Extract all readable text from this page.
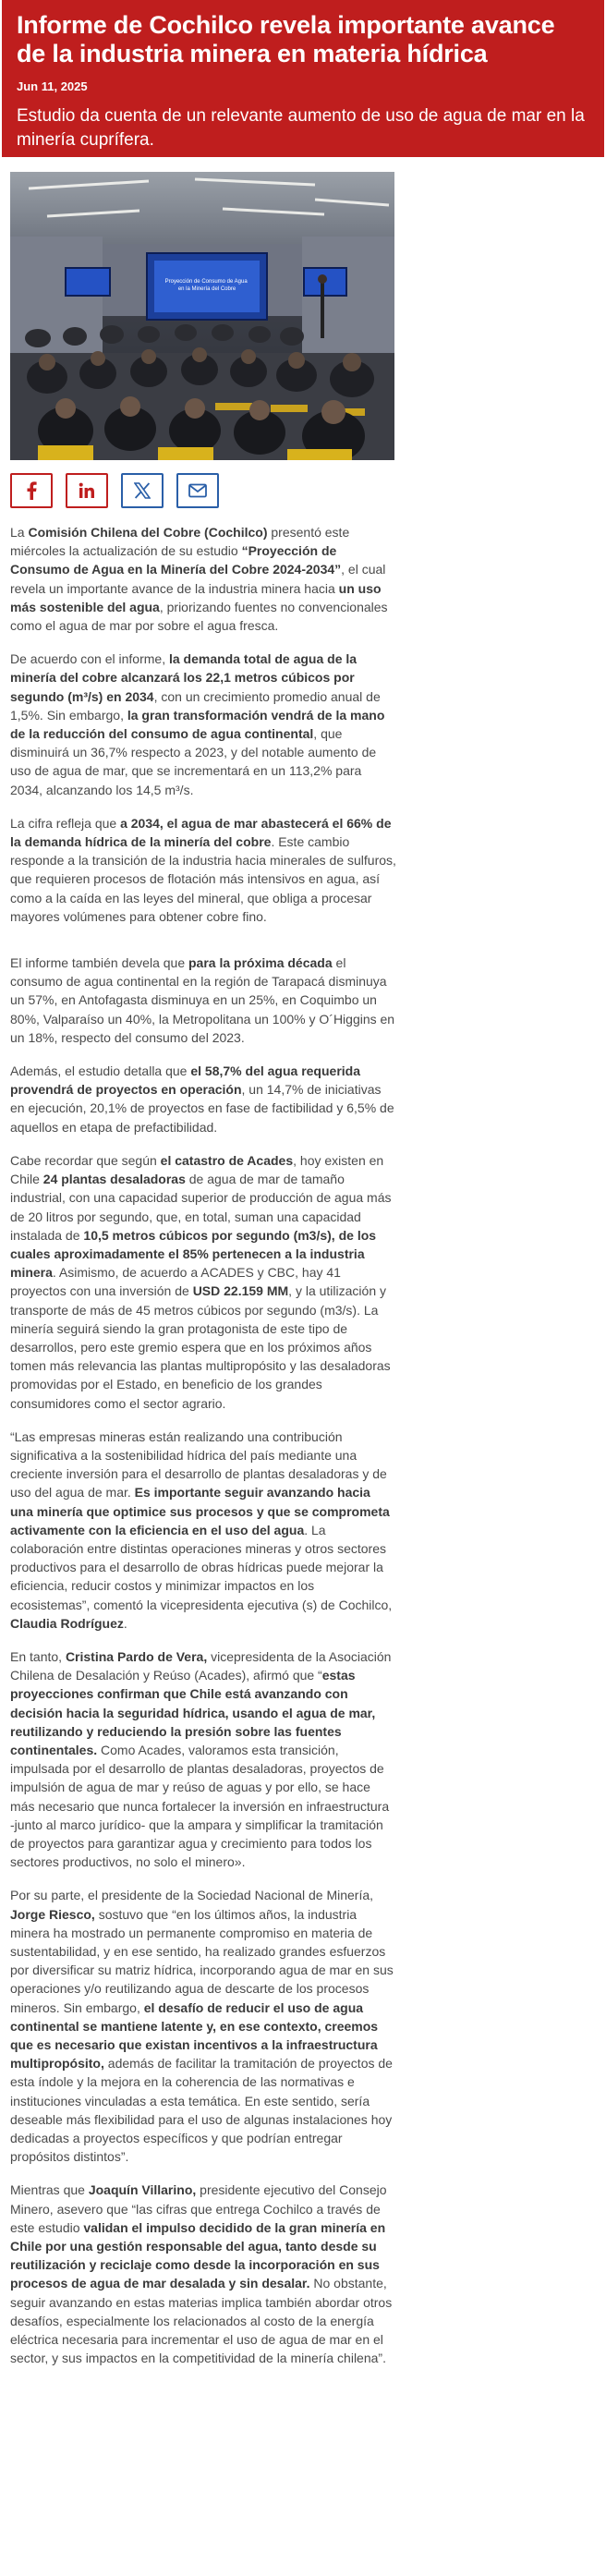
Informe de Cochilco revela importante avance de la industria minera en materia hídrica
Jun 11, 2025
Estudio da cuenta de un relevante aumento de uso de agua de mar en la minería cuprífera.
Proyección de Consumo de Agua en la Minería del Cobre

La Comisión Chilena del Cobre (Cochilco) presentó este miércoles la actualización de su estudio “Proyección de Consumo de Agua en la Minería del Cobre 2024-2034”, el cual revela un importante avance de la industria minera hacia un uso más sostenible del agua, priorizando fuentes no convencionales como el agua de mar por sobre el agua fresca.

De acuerdo con el informe, la demanda total de agua de la minería del cobre alcanzará los 22,1 metros cúbicos por segundo (m³/s) en 2034, con un crecimiento promedio anual de 1,5%. Sin embargo, la gran transformación vendrá de la mano de la reducción del consumo de agua continental, que disminuirá un 36,7% respecto a 2023, y del notable aumento de uso de agua de mar, que se incrementará en un 113,2% para 2034, alcanzando los 14,5 m³/s.

La cifra refleja que a 2034, el agua de mar abastecerá el 66% de la demanda hídrica de la minería del cobre. Este cambio responde a la transición de la industria hacia minerales de sulfuros, que requieren procesos de flotación más intensivos en agua, así como a la caída en las leyes del mineral, que obliga a procesar mayores volúmenes para obtener cobre fino.

El informe también devela que para la próxima década el consumo de agua continental en la región de Tarapacá disminuya un 57%, en Antofagasta disminuya en un 25%, en Coquimbo un 80%, Valparaíso un 40%, la Metropolitana un 100% y O´Higgins en un 18%, respecto del consumo del 2023.

Además, el estudio detalla que el 58,7% del agua requerida provendrá de proyectos en operación, un 14,7% de iniciativas en ejecución, 20,1% de proyectos en fase de factibilidad y 6,5% de aquellos en etapa de prefactibilidad.

Cabe recordar que según el catastro de Acades, hoy existen en Chile 24 plantas desaladoras de agua de mar de tamaño industrial, con una capacidad superior de producción de agua más de 20 litros por segundo, que, en total, suman una capacidad instalada de 10,5 metros cúbicos por segundo (m3/s), de los cuales aproximadamente el 85% pertenecen a la industria minera. Asimismo, de acuerdo a ACADES y CBC, hay 41 proyectos con una inversión de USD 22.159 MM, y la utilización y transporte de más de 45 metros cúbicos por segundo (m3/s). La minería seguirá siendo la gran protagonista de este tipo de desarrollos, pero este gremio espera que en los próximos años tomen más relevancia las plantas multipropósito y las desaladoras promovidas por el Estado, en beneficio de los grandes consumidores como el sector agrario.

“Las empresas mineras están realizando una contribución significativa a la sostenibilidad hídrica del país mediante una creciente inversión para el desarrollo de plantas desaladoras y de uso del agua de mar. Es importante seguir avanzando hacia una minería que optimice sus procesos y que se comprometa activamente con la eficiencia en el uso del agua. La colaboración entre distintas operaciones mineras y otros sectores productivos para el desarrollo de obras hídricas puede mejorar la eficiencia, reducir costos y minimizar impactos en los ecosistemas”, comentó la vicepresidenta ejecutiva (s) de Cochilco, Claudia Rodríguez.

En tanto, Cristina Pardo de Vera, vicepresidenta de la Asociación Chilena de Desalación y Reúso (Acades), afirmó que “estas proyecciones confirman que Chile está avanzando con decisión hacia la seguridad hídrica, usando el agua de mar, reutilizando y reduciendo la presión sobre las fuentes continentales. Como Acades, valoramos esta transición, impulsada por el desarrollo de plantas desaladoras, proyectos de impulsión de agua de mar y reúso de aguas y por ello, se hace más necesario que nunca fortalecer la inversión en infraestructura -junto al marco jurídico- que la ampara y simplificar la tramitación de proyectos para garantizar agua y crecimiento para todos los sectores productivos, no solo el minero».

Por su parte, el presidente de la Sociedad Nacional de Minería, Jorge Riesco, sostuvo que “en los últimos años, la industria minera ha mostrado un permanente compromiso en materia de sustentabilidad, y en ese sentido, ha realizado grandes esfuerzos por diversificar su matriz hídrica, incorporando agua de mar en sus operaciones y/o reutilizando agua de descarte de los procesos mineros. Sin embargo, el desafío de reducir el uso de agua continental se mantiene latente y, en ese contexto, creemos que es necesario que existan incentivos a la infraestructura multipropósito, además de facilitar la tramitación de proyectos de esta índole y la mejora en la coherencia de las normativas e instituciones vinculadas a esta temática. En este sentido, sería deseable más flexibilidad para el uso de algunas instalaciones hoy dedicadas a proyectos específicos y que podrían entregar propósitos distintos”.

Mientras que Joaquín Villarino, presidente ejecutivo del Consejo Minero, asevero que “las cifras que entrega Cochilco a través de este estudio validan el impulso decidido de la gran minería en Chile por una gestión responsable del agua, tanto desde su reutilización y reciclaje como desde la incorporación en sus procesos de agua de mar desalada y sin desalar. No obstante, seguir avanzando en estas materias implica también abordar otros desafíos, especialmente los relacionados al costo de la energía eléctrica necesaria para incrementar el uso de agua de mar en el sector, y sus impactos en la competitividad de la minería chilena”.
